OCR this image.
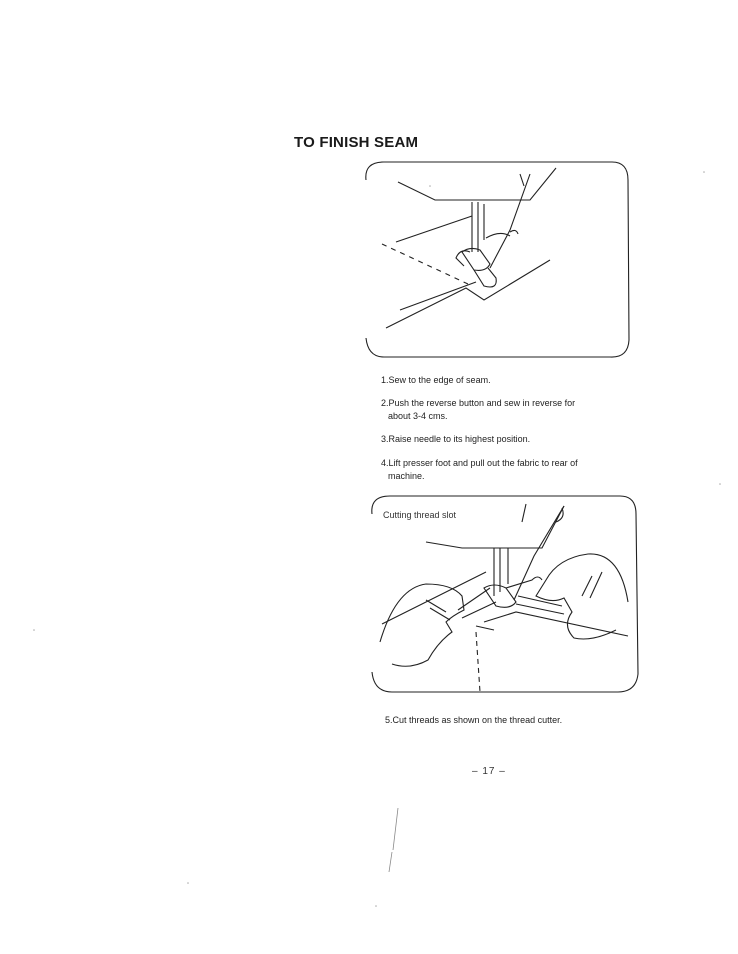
TO FINISH SEAM
1.Sew to the edge of seam.
2.Push the reverse button and sew in reverse for
about 3-4 cms.
3.Raise needle to its highest position.
4.Lift presser foot and pull out the fabric to rear of
machine.
Cutting thread slot
5.Cut threads as shown on the thread cutter.
– 17 –
